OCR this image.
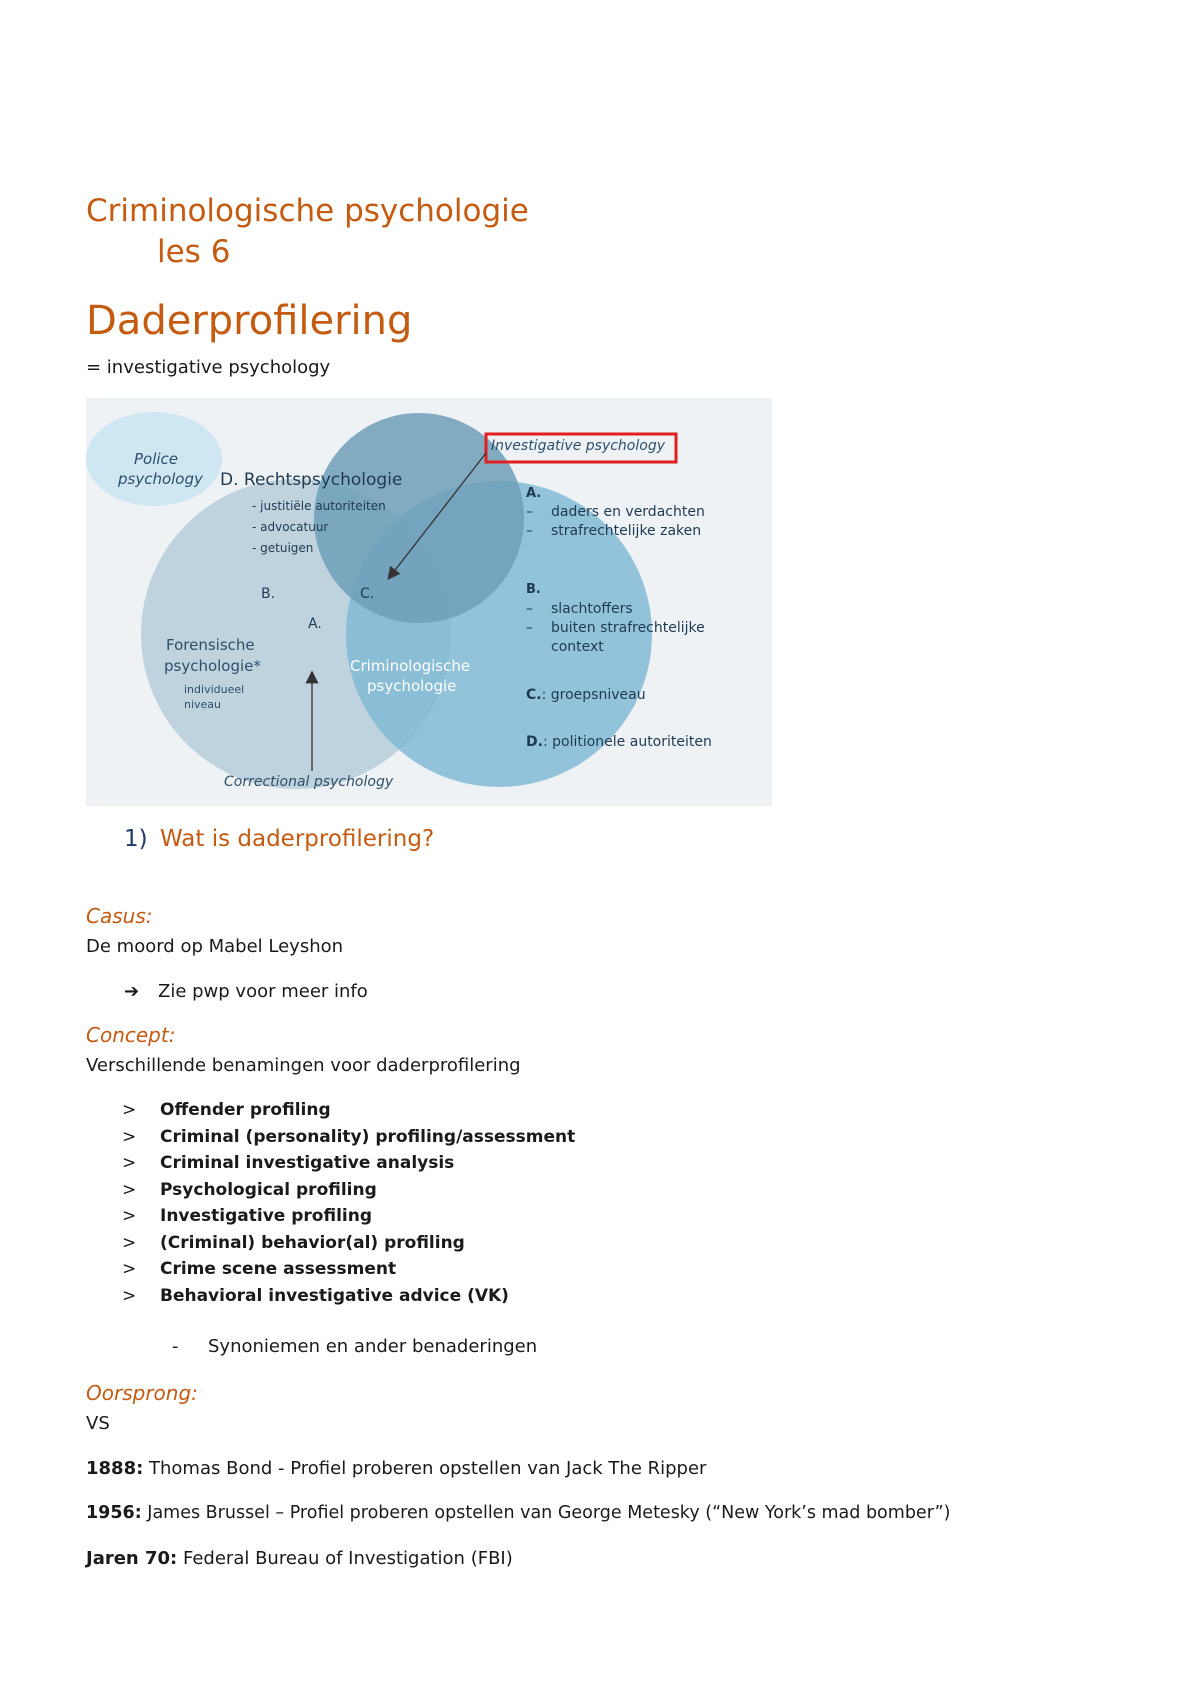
Criminologische psychologie
les 6
Daderprofilering
= investigative psychology
Police
psychology D. Rechtspsychologie
- justitiële autoriteiten
- advocatuur
- getuigen
B.	C.
A.
Forensische
psychologie*
individueel
niveau
Criminologische
psychologie
Investigative psychology
Correctional psychology
A.
– daders en verdachten
– strafrechtelijke zaken
B.
– slachtoffers
– buiten strafrechtelijke
context
C.: groepsniveau
D.: politionele autoriteiten
1) Wat is daderprofilering?
Casus:
De moord op Mabel Leyshon
➔ Zie pwp voor meer info
Concept:
Verschillende benamingen voor daderprofilering
>	Offender profiling
>	Criminal (personality) profiling/assessment
>	Criminal investigative analysis
>	Psychological profiling
>	Investigative profiling
>	(Criminal) behavior(al) profiling
>	Crime scene assessment
>	Behavioral investigative advice (VK)
- Synoniemen en ander benaderingen
Oorsprong:
VS
1888: Thomas Bond - Profiel proberen opstellen van Jack The Ripper
1956: James Brussel – Profiel proberen opstellen van George Metesky (“New York’s mad bomber”)
Jaren 70: Federal Bureau of Investigation (FBI)
